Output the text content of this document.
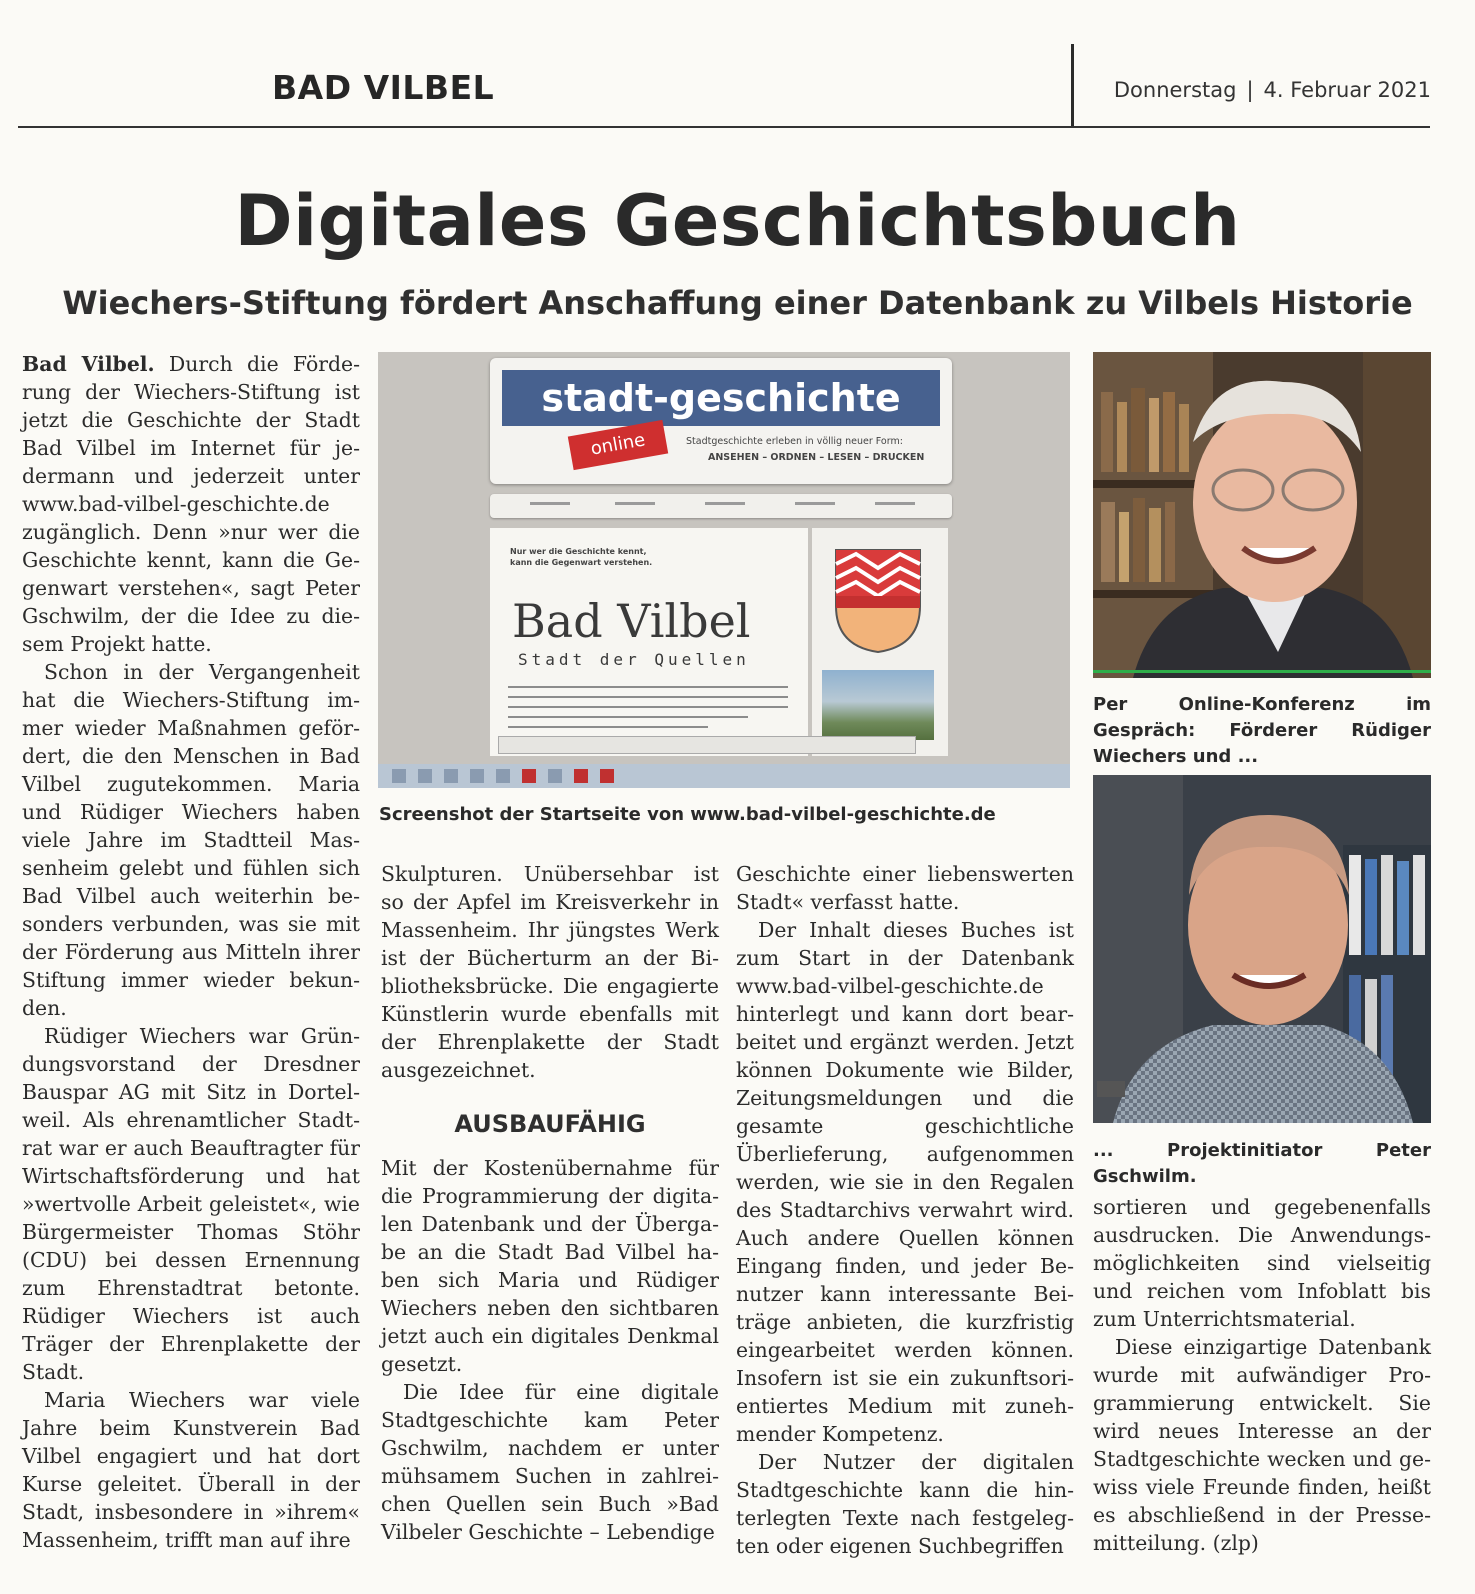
BAD VILBEL	Donnerstag | 4. Februar 2021
Digitales Geschichtsbuch
Wiechers-Stiftung fördert Anschaffung einer Datenbank zu Vilbels Historie

Bad Vilbel. Durch die Förderung der Wiechers-Stiftung ist jetzt die Geschichte der Stadt Bad Vilbel im Internet für jedermann und jederzeit unter www.bad-vilbel-geschichte.de zugänglich. Denn »nur wer die Geschichte kennt, kann die Gegenwart verstehen«, sagt Peter Gschwilm, der die Idee zu diesem Projekt hatte.

Schon in der Vergangenheit hat die Wiechers-Stiftung immer wieder Maßnahmen gefördert, die den Menschen in Bad Vilbel zugutekommen. Maria und Rüdiger Wiechers haben viele Jahre im Stadtteil Massenheim gelebt und fühlen sich Bad Vilbel auch weiterhin besonders verbunden, was sie mit der Förderung aus Mitteln ihrer Stiftung immer wieder bekunden.

Rüdiger Wiechers war Gründungsvorstand der Dresdner Bauspar AG mit Sitz in Dortelweil. Als ehrenamtlicher Stadtrat war er auch Beauftragter für Wirtschaftsförderung und hat »wertvolle Arbeit geleistet«, wie Bürgermeister Thomas Stöhr (CDU) bei dessen Ernennung zum Ehrenstadtrat betonte. Rüdiger Wiechers ist auch Träger der Ehrenplakette der Stadt.

Maria Wiechers war viele Jahre beim Kunstverein Bad Vilbel engagiert und hat dort Kurse geleitet. Überall in der Stadt, insbesondere in »ihrem« Massenheim, trifft man auf ihre

stadt-geschichte
online	Stadtgeschichte erleben in völlig neuer Form:
ANSEHEN – ORDNEN – LESEN – DRUCKEN
Nur wer die Geschichte kennt,
kann die Gegenwart verstehen.
Bad Vilbel
Stadt der Quellen
Screenshot der Startseite von www.bad-vilbel-geschichte.de
Per Online-Konferenz im Gespräch: Förderer Rüdiger Wiechers und ...
... Projektinitiator Peter Gschwilm.

Skulpturen. Unübersehbar ist so der Apfel im Kreisverkehr in Massenheim. Ihr jüngstes Werk ist der Bücherturm an der Bibliotheksbrücke. Die engagierte Künstlerin wurde ebenfalls mit der Ehrenplakette der Stadt ausgezeichnet.

AUSBAUFÄHIG

Mit der Kostenübernahme für die Programmierung der digitalen Datenbank und der Übergabe an die Stadt Bad Vilbel haben sich Maria und Rüdiger Wiechers neben den sichtbaren jetzt auch ein digitales Denkmal gesetzt.

Die Idee für eine digitale Stadtgeschichte kam Peter Gschwilm, nachdem er unter mühsamem Suchen in zahlreichen Quellen sein Buch »Bad Vilbeler Geschichte – Lebendige

Geschichte einer liebenswerten Stadt« verfasst hatte.

Der Inhalt dieses Buches ist zum Start in der Datenbank www.bad-vilbel-geschichte.de hinterlegt und kann dort bearbeitet und ergänzt werden. Jetzt können Dokumente wie Bilder, Zeitungsmeldungen und die gesamte geschichtliche Überlieferung, aufgenommen werden, wie sie in den Regalen des Stadtarchivs verwahrt wird. Auch andere Quellen können Eingang finden, und jeder Benutzer kann interessante Beiträge anbieten, die kurzfristig eingearbeitet werden können. Insofern ist sie ein zukunftsorientiertes Medium mit zunehmender Kompetenz.

Der Nutzer der digitalen Stadtgeschichte kann die hinterlegten Texte nach festgelegten oder eigenen Suchbegriffen

sortieren und gegebenenfalls ausdrucken. Die Anwendungsmöglichkeiten sind vielseitig und reichen vom Infoblatt bis zum Unterrichtsmaterial.

Diese einzigartige Datenbank wurde mit aufwändiger Programmierung entwickelt. Sie wird neues Interesse an der Stadtgeschichte wecken und gewiss viele Freunde finden, heißt es abschließend in der Pressemitteilung. (zlp)
